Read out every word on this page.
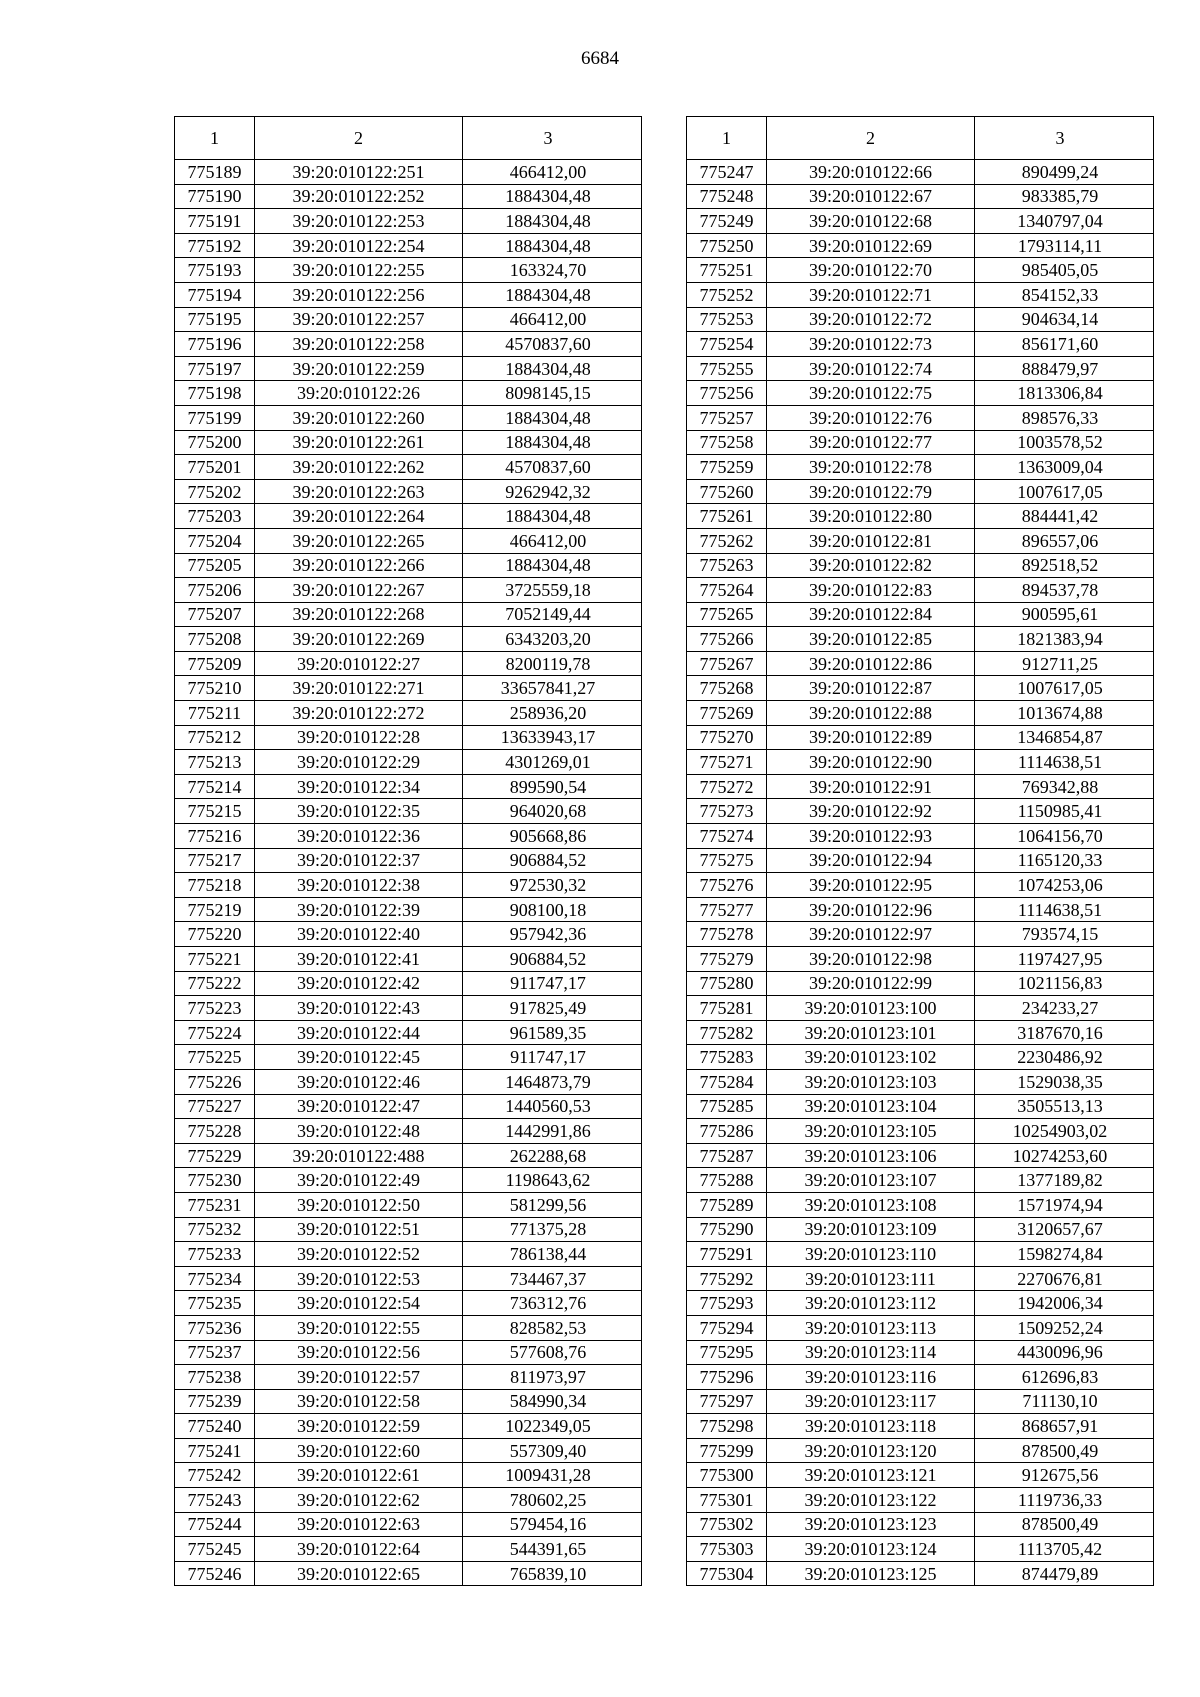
6684
1	2	3
775189	39:20:010122:251	466412,00
775190	39:20:010122:252	1884304,48
775191	39:20:010122:253	1884304,48
775192	39:20:010122:254	1884304,48
775193	39:20:010122:255	163324,70
775194	39:20:010122:256	1884304,48
775195	39:20:010122:257	466412,00
775196	39:20:010122:258	4570837,60
775197	39:20:010122:259	1884304,48
775198	39:20:010122:26	8098145,15
775199	39:20:010122:260	1884304,48
775200	39:20:010122:261	1884304,48
775201	39:20:010122:262	4570837,60
775202	39:20:010122:263	9262942,32
775203	39:20:010122:264	1884304,48
775204	39:20:010122:265	466412,00
775205	39:20:010122:266	1884304,48
775206	39:20:010122:267	3725559,18
775207	39:20:010122:268	7052149,44
775208	39:20:010122:269	6343203,20
775209	39:20:010122:27	8200119,78
775210	39:20:010122:271	33657841,27
775211	39:20:010122:272	258936,20
775212	39:20:010122:28	13633943,17
775213	39:20:010122:29	4301269,01
775214	39:20:010122:34	899590,54
775215	39:20:010122:35	964020,68
775216	39:20:010122:36	905668,86
775217	39:20:010122:37	906884,52
775218	39:20:010122:38	972530,32
775219	39:20:010122:39	908100,18
775220	39:20:010122:40	957942,36
775221	39:20:010122:41	906884,52
775222	39:20:010122:42	911747,17
775223	39:20:010122:43	917825,49
775224	39:20:010122:44	961589,35
775225	39:20:010122:45	911747,17
775226	39:20:010122:46	1464873,79
775227	39:20:010122:47	1440560,53
775228	39:20:010122:48	1442991,86
775229	39:20:010122:488	262288,68
775230	39:20:010122:49	1198643,62
775231	39:20:010122:50	581299,56
775232	39:20:010122:51	771375,28
775233	39:20:010122:52	786138,44
775234	39:20:010122:53	734467,37
775235	39:20:010122:54	736312,76
775236	39:20:010122:55	828582,53
775237	39:20:010122:56	577608,76
775238	39:20:010122:57	811973,97
775239	39:20:010122:58	584990,34
775240	39:20:010122:59	1022349,05
775241	39:20:010122:60	557309,40
775242	39:20:010122:61	1009431,28
775243	39:20:010122:62	780602,25
775244	39:20:010122:63	579454,16
775245	39:20:010122:64	544391,65
775246	39:20:010122:65	765839,10
1	2	3
775247	39:20:010122:66	890499,24
775248	39:20:010122:67	983385,79
775249	39:20:010122:68	1340797,04
775250	39:20:010122:69	1793114,11
775251	39:20:010122:70	985405,05
775252	39:20:010122:71	854152,33
775253	39:20:010122:72	904634,14
775254	39:20:010122:73	856171,60
775255	39:20:010122:74	888479,97
775256	39:20:010122:75	1813306,84
775257	39:20:010122:76	898576,33
775258	39:20:010122:77	1003578,52
775259	39:20:010122:78	1363009,04
775260	39:20:010122:79	1007617,05
775261	39:20:010122:80	884441,42
775262	39:20:010122:81	896557,06
775263	39:20:010122:82	892518,52
775264	39:20:010122:83	894537,78
775265	39:20:010122:84	900595,61
775266	39:20:010122:85	1821383,94
775267	39:20:010122:86	912711,25
775268	39:20:010122:87	1007617,05
775269	39:20:010122:88	1013674,88
775270	39:20:010122:89	1346854,87
775271	39:20:010122:90	1114638,51
775272	39:20:010122:91	769342,88
775273	39:20:010122:92	1150985,41
775274	39:20:010122:93	1064156,70
775275	39:20:010122:94	1165120,33
775276	39:20:010122:95	1074253,06
775277	39:20:010122:96	1114638,51
775278	39:20:010122:97	793574,15
775279	39:20:010122:98	1197427,95
775280	39:20:010122:99	1021156,83
775281	39:20:010123:100	234233,27
775282	39:20:010123:101	3187670,16
775283	39:20:010123:102	2230486,92
775284	39:20:010123:103	1529038,35
775285	39:20:010123:104	3505513,13
775286	39:20:010123:105	10254903,02
775287	39:20:010123:106	10274253,60
775288	39:20:010123:107	1377189,82
775289	39:20:010123:108	1571974,94
775290	39:20:010123:109	3120657,67
775291	39:20:010123:110	1598274,84
775292	39:20:010123:111	2270676,81
775293	39:20:010123:112	1942006,34
775294	39:20:010123:113	1509252,24
775295	39:20:010123:114	4430096,96
775296	39:20:010123:116	612696,83
775297	39:20:010123:117	711130,10
775298	39:20:010123:118	868657,91
775299	39:20:010123:120	878500,49
775300	39:20:010123:121	912675,56
775301	39:20:010123:122	1119736,33
775302	39:20:010123:123	878500,49
775303	39:20:010123:124	1113705,42
775304	39:20:010123:125	874479,89
